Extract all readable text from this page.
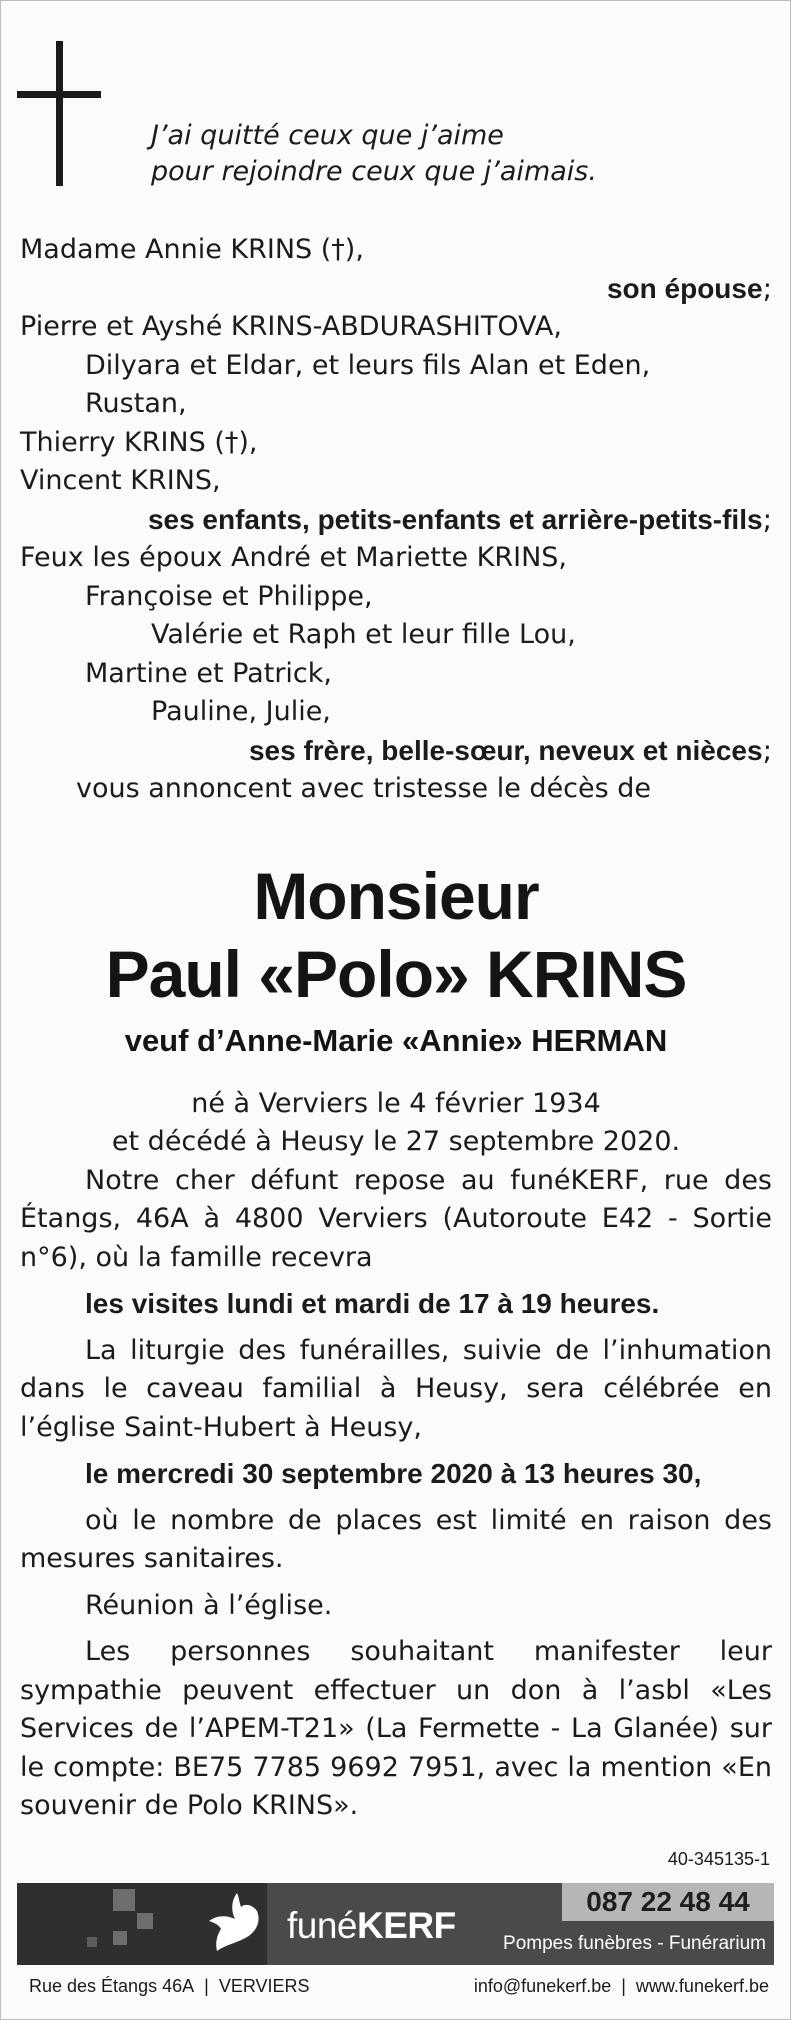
J’ai quitté ceux que j’aime
pour rejoindre ceux que j’aimais.
Madame Annie KRINS (†),
son épouse;
Pierre et Ayshé KRINS-ABDURASHITOVA,
Dilyara et Eldar, et leurs fils Alan et Eden,
Rustan,
Thierry KRINS (†),
Vincent KRINS,
ses enfants, petits-enfants et arrière-petits-fils;
Feux les époux André et Mariette KRINS,
Françoise et Philippe,
Valérie et Raph et leur fille Lou,
Martine et Patrick,
Pauline, Julie,
ses frère, belle-sœur, neveux et nièces;
vous annoncent avec tristesse le décès de
Monsieur
Paul «Polo» KRINS
veuf d’Anne-Marie «Annie» HERMAN
né à Verviers le 4 février 1934
et décédé à Heusy le 27 septembre 2020.
Notre cher défunt repose au funéKERF, rue des Étangs, 46A à 4800 Verviers (Autoroute E42 - Sortie n°6), où la famille recevra
les visites lundi et mardi de 17 à 19 heures.
La liturgie des funérailles, suivie de l’inhumation dans le caveau familial à Heusy, sera célébrée en l’église Saint-Hubert à Heusy,
le mercredi 30 septembre 2020 à 13 heures 30,
où le nombre de places est limité en raison des mesures sanitaires.
Réunion à l’église.
Les personnes souhaitant manifester leur sympathie peuvent effectuer un don à l’asbl «Les Services de l’APEM-T21» (La Fermette - La Glanée) sur le compte: BE75 7785 9692 7951, avec la mention «En souvenir de Polo KRINS».
40-345135-1
funéKERF
087 22 48 44
Pompes funèbres - Funérarium
Rue des Étangs 46A | VERVIERS	info@funekerf.be | www.funekerf.be
